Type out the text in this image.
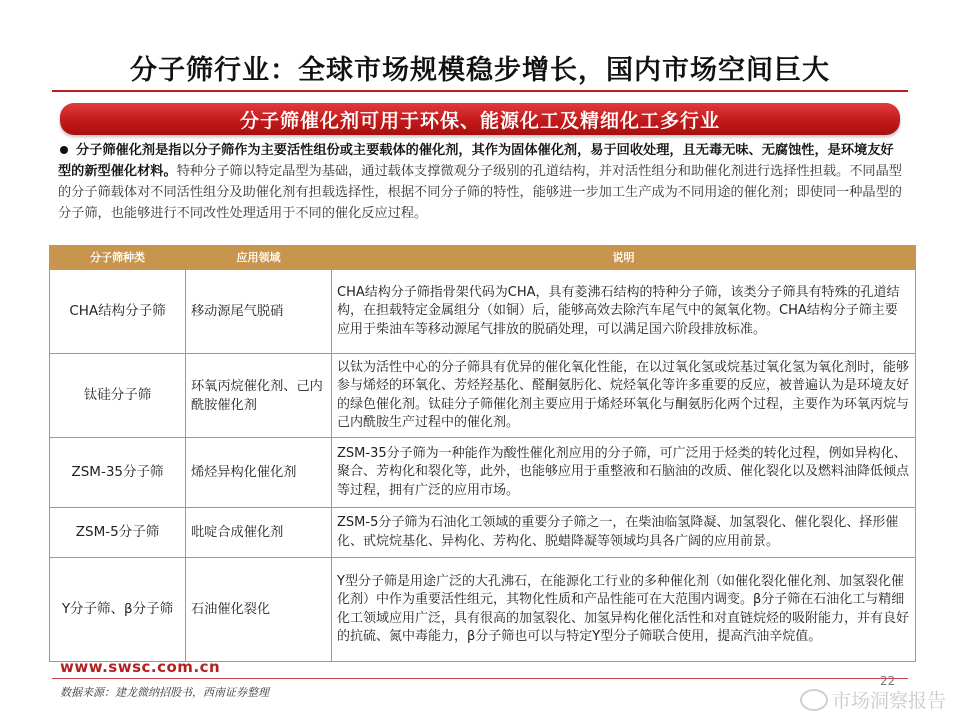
分子筛行业：全球市场规模稳步增长，国内市场空间巨大
分子筛催化剂可用于环保、能源化工及精细化工多行业
分子筛催化剂是指以分子筛作为主要活性组份或主要载体的催化剂，其作为固体催化剂，易于回收处理，且无毒无味、无腐蚀性，是环境友好型的新型催化材料。特种分子筛以特定晶型为基础，通过载体支撑微观分子级别的孔道结构，并对活性组分和助催化剂进行选择性担载。不同晶型的分子筛载体对不同活性组分及助催化剂有担载选择性，根据不同分子筛的特性，能够进一步加工生产成为不同用途的催化剂；即使同一种晶型的分子筛，也能够进行不同改性处理适用于不同的催化反应过程。
分子筛种类	应用领域	说明
CHA结构分子筛	移动源尾气脱硝	CHA结构分子筛指骨架代码为CHA，具有菱沸石结构的特种分子筛，该类分子筛具有特殊的孔道结构，在担载特定金属组分（如铜）后，能够高效去除汽车尾气中的氮氧化物。CHA结构分子筛主要应用于柴油车等移动源尾气排放的脱硝处理，可以满足国六阶段排放标准。
钛硅分子筛	环氧丙烷催化剂、己内酰胺催化剂	以钛为活性中心的分子筛具有优异的催化氧化性能，在以过氧化氢或烷基过氧化氢为氧化剂时，能够参与烯烃的环氧化、芳烃羟基化、醛酮氨肟化、烷烃氧化等许多重要的反应，被普遍认为是环境友好的绿色催化剂。钛硅分子筛催化剂主要应用于烯烃环氧化与酮氨肟化两个过程，主要作为环氧丙烷与己内酰胺生产过程中的催化剂。
ZSM-35分子筛	烯烃异构化催化剂	ZSM-35分子筛为一种能作为酸性催化剂应用的分子筛，可广泛用于烃类的转化过程，例如异构化、聚合、芳构化和裂化等，此外，也能够应用于重整液和石脑油的改质、催化裂化以及燃料油降低倾点等过程，拥有广泛的应用市场。
ZSM-5分子筛	吡啶合成催化剂	ZSM-5分子筛为石油化工领域的重要分子筛之一，在柴油临氢降凝、加氢裂化、催化裂化、择形催化、甙烷烷基化、异构化、芳构化、脱蜡降凝等领域均具各广阔的应用前景。
Y分子筛、β分子筛	石油催化裂化	Y型分子筛是用途广泛的大孔沸石，在能源化工行业的多种催化剂（如催化裂化催化剂、加氢裂化催化剂）中作为重要活性组元，其物化性质和产品性能可在大范围内调变。β分子筛在石油化工与精细化工领域应用广泛，具有很高的加氢裂化、加氢异构化催化活性和对直链烷烃的吸附能力，并有良好的抗硫、氮中毒能力，β分子筛也可以与特定Y型分子筛联合使用，提高汽油辛烷值。
www.swsc.com.cn
22
数据来源：建龙微纳招股书，西南证券整理	市场洞察报告
